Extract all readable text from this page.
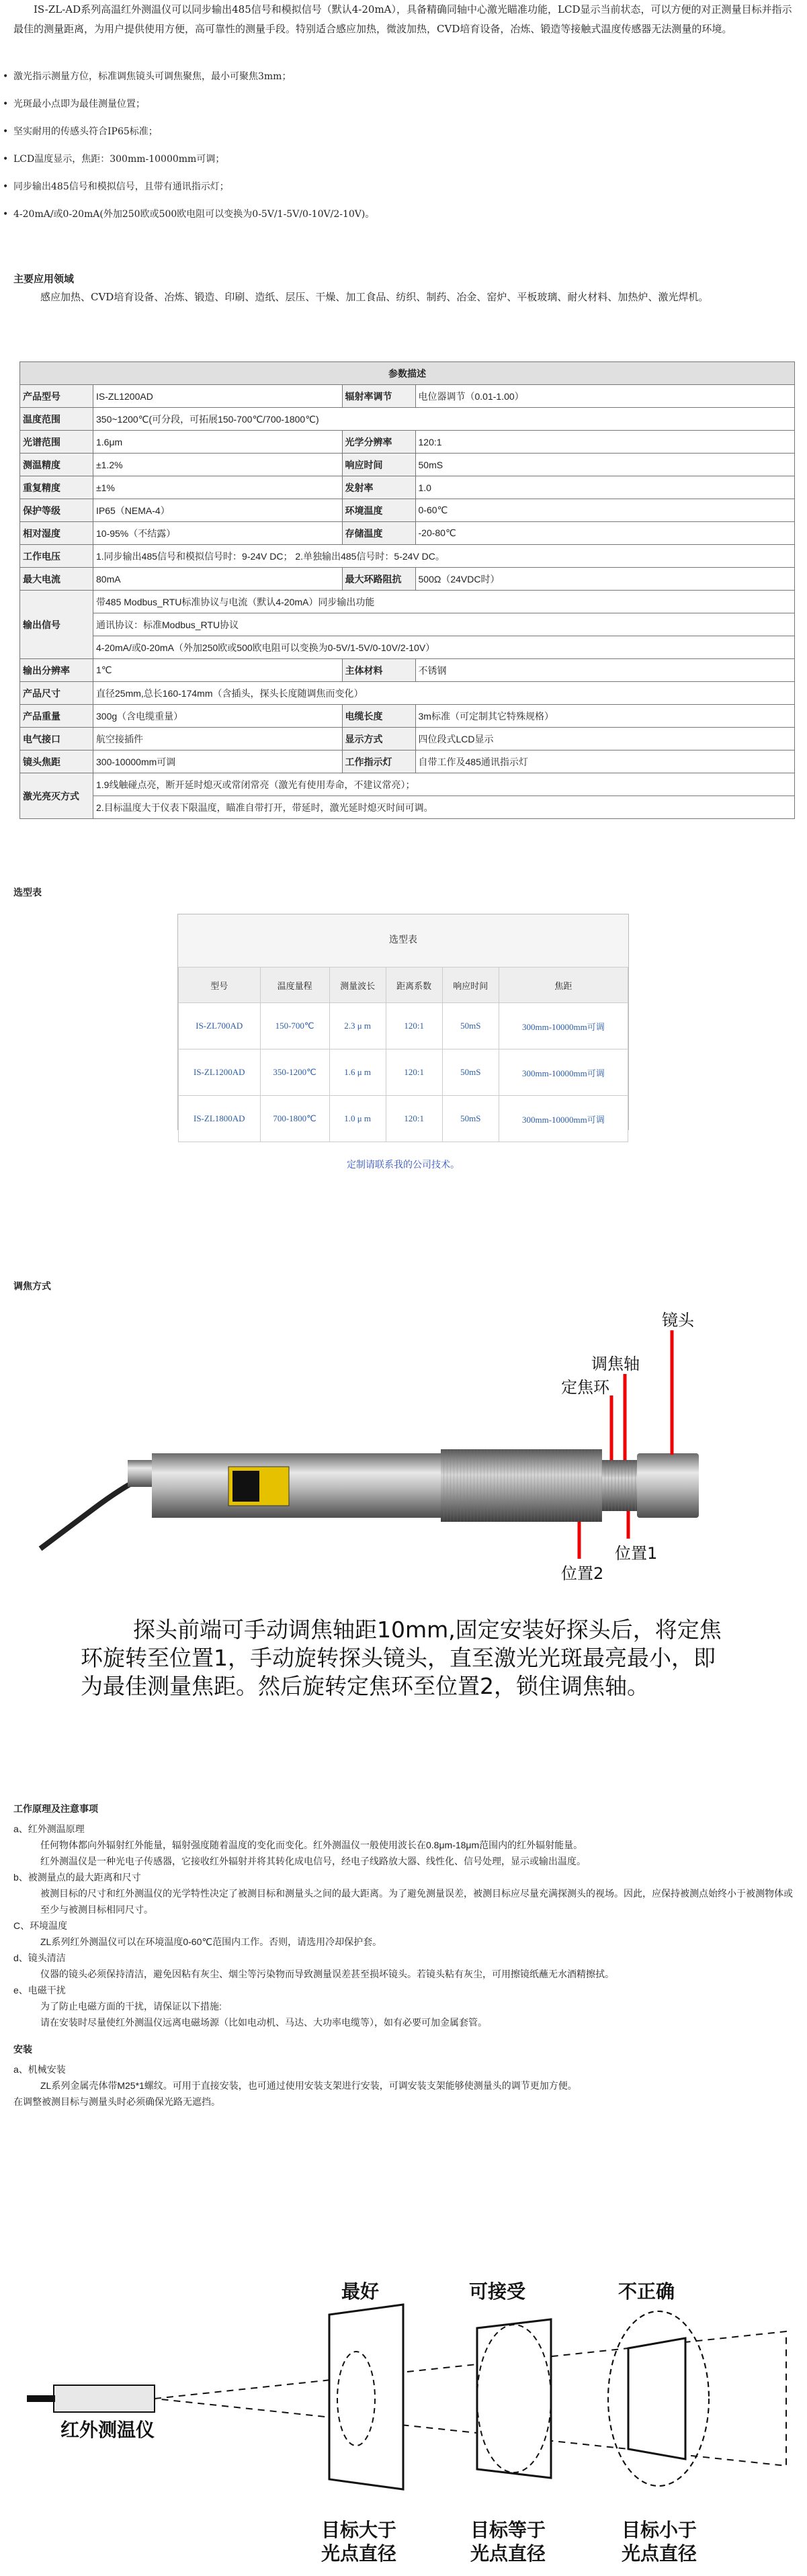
IS-ZL-AD系列高温红外测温仪可以同步输出485信号和模拟信号（默认4-20mA），具备精确同轴中心激光瞄准功能，LCD显示当前状态，可以方便的对正测量目标并指示最佳的测量距离，为用户提供使用方便，高可靠性的测量手段。特别适合感应加热，微波加热，CVD培育设备，冶炼、锻造等接触式温度传感器无法测量的环境。

• 激光指示测量方位，标准调焦镜头可调焦聚焦，最小可聚焦3mm；
• 光斑最小点即为最佳测量位置；
• 坚实耐用的传感头符合IP65标准；
• LCD温度显示，焦距：300mm-10000mm可调；
• 同步输出485信号和模拟信号，且带有通讯指示灯；
• 4-20mA/或0-20mA(外加250欧或500欧电阻可以变换为0-5V/1-5V/0-10V/2-10V)。
主要应用领域

感应加热、CVD培育设备、冶炼、锻造、印刷、造纸、层压、干燥、加工食品、纺织、制药、冶金、窑炉、平板玻璃、耐火材料、加热炉、激光焊机。

参数描述			
产品型号	IS-ZL1200AD	辐射率调节	电位器调节（0.01-1.00）
温度范围	350~1200℃(可分段，可拓展150-700℃/700-1800℃)		
光谱范围	1.6μm	光学分辨率	120:1
测温精度	±1.2%	响应时间	50mS
重复精度	±1%	发射率	1.0
保护等级	IP65（NEMA-4）	环境温度	0-60℃
相对湿度	10-95%（不结露）	存储温度	-20-80℃
工作电压	1.同步输出485信号和模拟信号时：9-24V DC； 2.单独输出485信号时：5-24V DC。		
最大电流	80mA	最大环路阻抗	500Ω（24VDC时）
输出信号	带485 Modbus_RTU标准协议与电流（默认4-20mA）同步输出功能		
	通讯协议：标准Modbus_RTU协议		
	4-20mA/或0-20mA（外加250欧或500欧电阻可以变换为0-5V/1-5V/0-10V/2-10V）		
输出分辨率	1℃	主体材料	不锈钢
产品尺寸	直径25mm,总长160-174mm（含插头，探头长度随调焦而变化）		
产品重量	300g（含电缆重量）	电缆长度	3m标准（可定制其它特殊规格）
电气接口	航空接插件	显示方式	四位段式LCD显示
镜头焦距	300-10000mm可调	工作指示灯	自带工作及485通讯指示灯
激光亮灭方式	1.9线触碰点亮，断开延时熄灭或常闭常亮（激光有使用寿命，不建议常亮）；		
	2.目标温度大于仪表下限温度，瞄准自带打开，带延时，激光延时熄灭时间可调。		
选型表
选型表
型号	温度量程	测量波长	距离系数	响应时间	焦距
IS-ZL700AD	150-700℃	2.3 μ m	120:1	50mS	300mm-10000mm可调
IS-ZL1200AD	350-1200℃	1.6 μ m	120:1	50mS	300mm-10000mm可调
IS-ZL1800AD	700-1800℃	1.0 μ m	120:1	50mS	300mm-10000mm可调
定制请联系我的公司技术。
调焦方式
镜头
调焦轴
定焦环
位置1
位置2

探头前端可手动调焦轴距10mm,固定安装好探头后，将定焦环旋转至位置1，手动旋转探头镜头，直至激光光斑最亮最小，即为最佳测量焦距。然后旋转定焦环至位置2，锁住调焦轴。

工作原理及注意事项
a、红外测温原理
任何物体都向外辐射红外能量，辐射强度随着温度的变化而变化。红外测温仪一般使用波长在0.8μm-18μm范围内的红外辐射能量。
红外测温仪是一种光电子传感器，它接收红外辐射并将其转化成电信号，经电子线路放大器、线性化、信号处理，显示或输出温度。
b、被测量点的最大距离和尺寸
被测目标的尺寸和红外测温仪的光学特性决定了被测目标和测量头之间的最大距离。为了避免测量误差，被测目标应尽量充满探测头的视场。因此，应保持被测点始终小于被测物体或至少与被测目标相同尺寸。
C、环境温度
ZL系列红外测温仪可以在环境温度0-60℃范围内工作。否则，请选用冷却保护套。
d、镜头清洁
仪器的镜头必须保持清洁，避免因粘有灰尘、烟尘等污染物而导致测量误差甚至损坏镜头。若镜头粘有灰尘，可用擦镜纸蘸无水酒精擦拭。
e、电磁干扰
为了防止电磁方面的干扰，请保证以下措施:
请在安装时尽量使红外测温仪远离电磁场源（比如电动机、马达、大功率电缆等），如有必要可加金属套管。
安装
a、机械安装
ZL系列金属壳体带M25*1螺纹。可用于直接安装，也可通过使用安装支架进行安装，可调安装支架能够使测量头的调节更加方便。
在调整被测目标与测量头时必须确保光路无遮挡。
最好	可接受	不正确
红外测温仪
目标大于
光点直径
目标等于
光点直径
目标小于
光点直径
